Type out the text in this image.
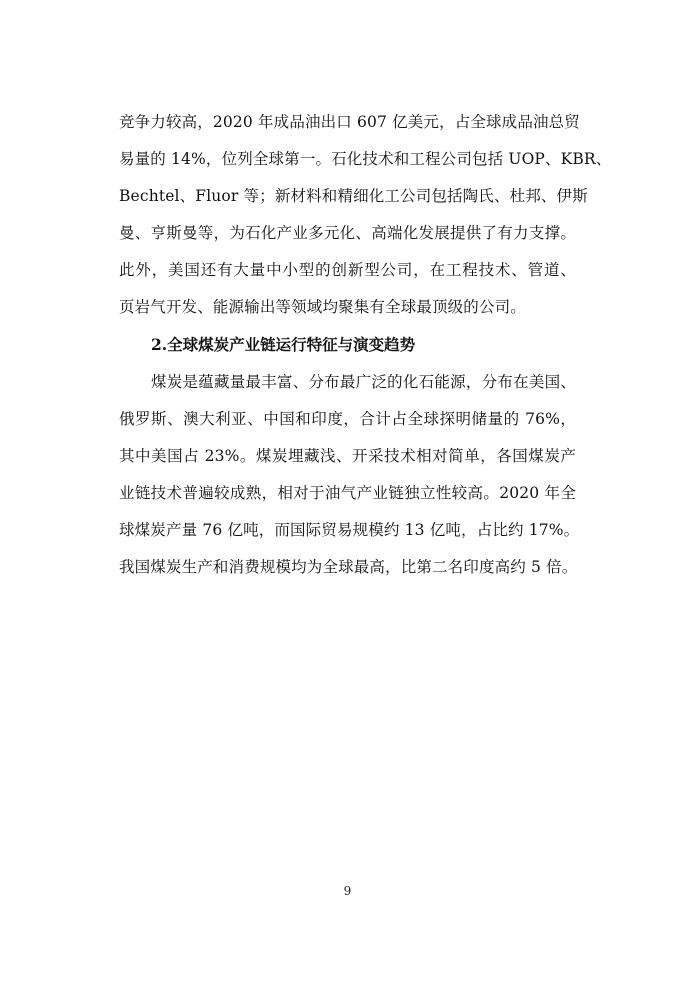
竞争力较高，2020 年成品油出口 607 亿美元，占全球成品油总贸
易量的 14%，位列全球第一。石化技术和工程公司包括 UOP、KBR、
Bechtel、Fluor 等；新材料和精细化工公司包括陶氏、杜邦、伊斯
曼、亨斯曼等，为石化产业多元化、高端化发展提供了有力支撑。
此外，美国还有大量中小型的创新型公司，在工程技术、管道、
页岩气开发、能源输出等领域均聚集有全球最顶级的公司。
2.全球煤炭产业链运行特征与演变趋势
煤炭是蕴藏量最丰富、分布最广泛的化石能源，分布在美国、
俄罗斯、澳大利亚、中国和印度，合计占全球探明储量的 76%，
其中美国占 23%。煤炭埋藏浅、开采技术相对简单，各国煤炭产
业链技术普遍较成熟，相对于油气产业链独立性较高。2020 年全
球煤炭产量 76 亿吨，而国际贸易规模约 13 亿吨，占比约 17%。
我国煤炭生产和消费规模均为全球最高，比第二名印度高约 5 倍。
9
